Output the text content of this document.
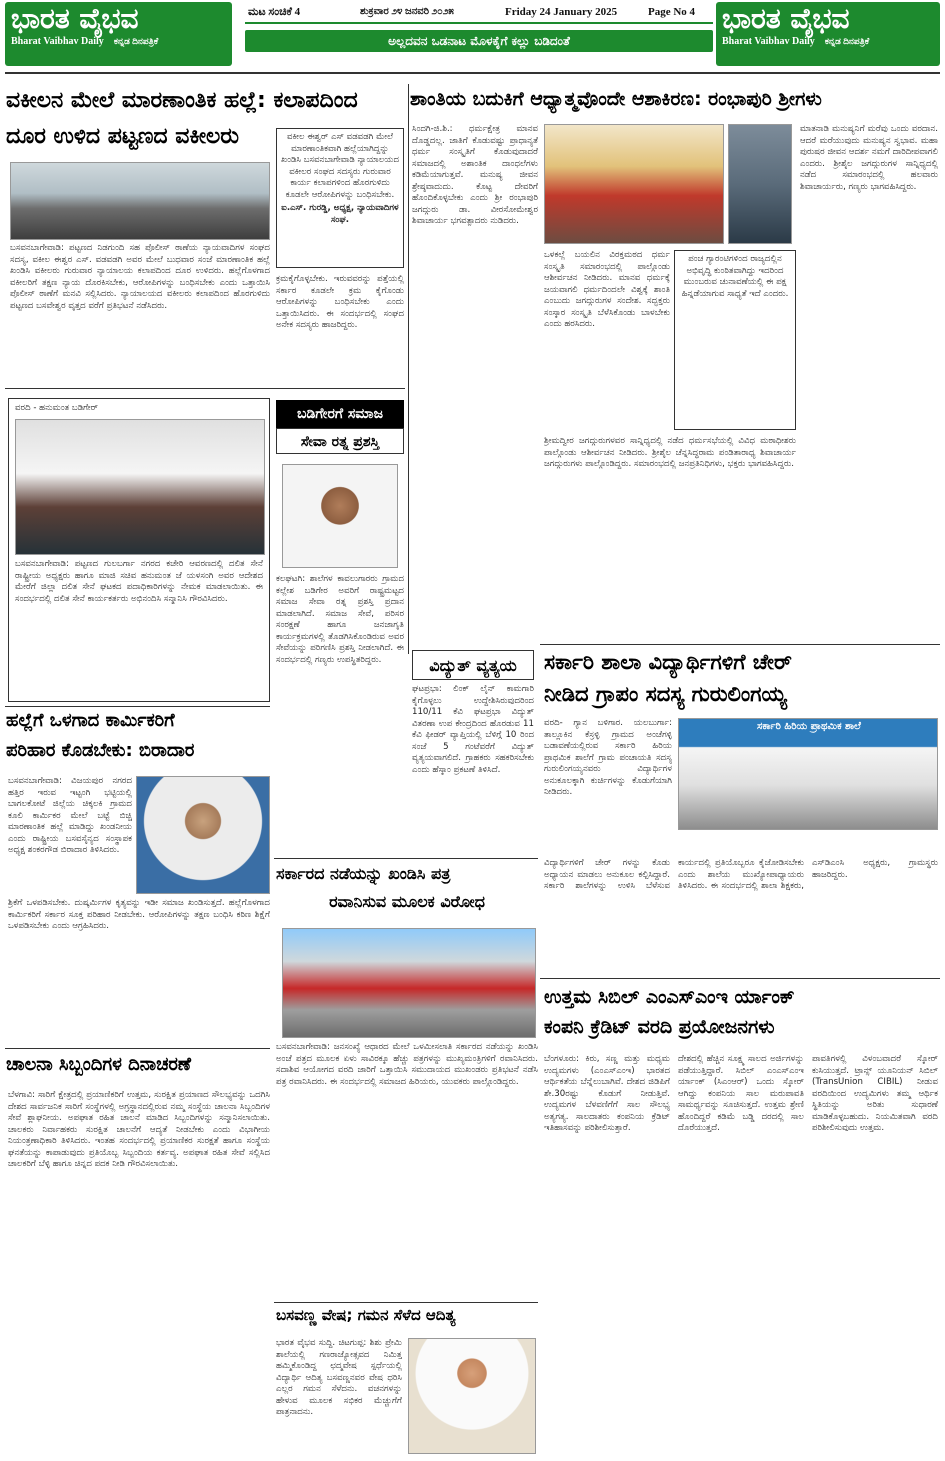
ಭಾರತ ವೈಭವ
Bharat Vaibhav Daily ಕನ್ನಡ ದಿನಪತ್ರಿಕೆ
ಮಟ ಸಂಚಿಕೆ 4	ಶುಕ್ರವಾರ ೨೪ ಜನವರಿ ೨೦೨೫	Friday 24 January 2025	Page No 4
ಅಲ್ಲದವನ ಒಡನಾಟ ಮೊಳಕೈಗೆ ಕಲ್ಲು ಬಡಿದಂತೆ
ಭಾರತ ವೈಭವ
Bharat Vaibhav Daily ಕನ್ನಡ ದಿನಪತ್ರಿಕೆ
ವಕೀಲನ ಮೇಲೆ ಮಾರಣಾಂತಿಕ ಹಲ್ಲೆ: ಕಲಾಪದಿಂದ
ದೂರ ಉಳಿದ ಪಟ್ಟಣದ ವಕೀಲರು	ವಕೀಲ ಈಶ್ವರ್ ಎಸ್ ವಡವಡಗಿ ಮೇಲೆ ಮಾರಣಾಂತಿಕವಾಗಿ ಹಲ್ಲೆಯಾಗಿದ್ದನ್ನು ಖಂಡಿಸಿ ಬಸವನಬಾಗೇವಾಡಿ ನ್ಯಾಯಾಲಯದ ವಕೀಲರ ಸಂಘದ ಸದಸ್ಯರು ಗುರುವಾರ ಕಾರ್ಯ ಕಲಾಪಗಳಿಂದ ಹೊರಗುಳಿದು ಕೂಡಲೇ ಆರೋಪಿಗಳನ್ನು ಬಂಧಿಸಬೇಕು.
ಐ.ಎಸ್. ಗುರಡ್ಡಿ, ಅಧ್ಯಕ್ಷ, ನ್ಯಾಯವಾದಿಗಳ ಸಂಘ.
ಬಸವನಬಾಗೇವಾಡಿ: ಪಟ್ಟಣದ ನಿಡಗುಂದಿ ಸಹ ಪೊಲೀಸ್ ಠಾಣೆಯ ನ್ಯಾಯವಾದಿಗಳ ಸಂಘದ ಸದಸ್ಯ, ವಕೀಲ ಈಶ್ವರ ಎಸ್. ವಡವಡಗಿ ಅವರ ಮೇಲೆ ಬುಧವಾರ ಸಂಜೆ ಮಾರಣಾಂತಿಕ ಹಲ್ಲೆ ಖಂಡಿಸಿ ವಕೀಲರು ಗುರುವಾರ ನ್ಯಾಯಾಲಯ ಕಲಾಪದಿಂದ ದೂರ ಉಳಿದರು. ಹಲ್ಲೆಗೊಳಗಾದ ವಕೀಲರಿಗೆ ತಕ್ಷಣ ನ್ಯಾಯ ದೊರಕಿಸಬೇಕು, ಆರೋಪಿಗಳನ್ನು ಬಂಧಿಸಬೇಕು ಎಂದು ಒತ್ತಾಯಿಸಿ ಪೊಲೀಸ್ ಠಾಣೆಗೆ ಮನವಿ ಸಲ್ಲಿಸಿದರು. ನ್ಯಾಯಾಲಯದ ವಕೀಲರು ಕಲಾಪದಿಂದ ಹೊರಗುಳಿದು ಪಟ್ಟಣದ ಬಸವೇಶ್ವರ ವೃತ್ತದ ವರೆಗೆ ಪ್ರತಿಭಟನೆ ನಡೆಸಿದರು.
ಕ್ರಮಕೈಗೊಳ್ಳಬೇಕು. ಇರುವವರನ್ನು ಪತ್ತೆಯಲ್ಲಿ ಸರ್ಕಾರ ಕೂಡಲೇ ಕ್ರಮ ಕೈಗೊಂಡು ಆರೋಪಿಗಳನ್ನು ಬಂಧಿಸಬೇಕು ಎಂದು ಒತ್ತಾಯಿಸಿದರು. ಈ ಸಂದರ್ಭದಲ್ಲಿ ಸಂಘದ ಅನೇಕ ಸದಸ್ಯರು ಹಾಜರಿದ್ದರು.
ವರದಿ - ಹನುಮಂತ ಬಡಿಗೇರ್
ಬಸವನಬಾಗೇವಾಡಿ: ಪಟ್ಟಣದ ಗುಲಬರ್ಗಾ ನಗರದ ಕಚೇರಿ ಆವರಣದಲ್ಲಿ ದಲಿತ ಸೇನೆ ರಾಷ್ಟ್ರೀಯ ಅಧ್ಯಕ್ಷರು ಹಾಗೂ ಮಾಜಿ ಸಚಿವ ಹನುಮಂತ ಜೆ ಯಳಸಂಗಿ ಅವರ ಆದೇಶದ ಮೇರೆಗೆ ಜಿಲ್ಲಾ ದಲಿತ ಸೇನೆ ಘಟಕದ ಪದಾಧಿಕಾರಿಗಳನ್ನು ನೇಮಕ ಮಾಡಲಾಯಿತು. ಈ ಸಂದರ್ಭದಲ್ಲಿ ದಲಿತ ಸೇನೆ ಕಾರ್ಯಕರ್ತರು ಅಭಿನಂದಿಸಿ ಸನ್ಮಾನಿಸಿ ಗೌರವಿಸಿದರು.
ಬಡಿಗೇರಗೆ ಸಮಾಜ
ಸೇವಾ ರತ್ನ ಪ್ರಶಸ್ತಿ
ಕಲಘಟಗಿ: ಶಾಲೆಗಳ ಕಾವಲುಗಾರರು ಗ್ರಾಮದ ಕಲ್ಲೇಶ ಬಡಿಗೇರ ಅವರಿಗೆ ರಾಷ್ಟ್ರಮಟ್ಟದ ಸಮಾಜ ಸೇವಾ ರತ್ನ ಪ್ರಶಸ್ತಿ ಪ್ರದಾನ ಮಾಡಲಾಗಿದೆ. ಸಮಾಜ ಸೇವೆ, ಪರಿಸರ ಸಂರಕ್ಷಣೆ ಹಾಗೂ ಜನಜಾಗೃತಿ ಕಾರ್ಯಕ್ರಮಗಳಲ್ಲಿ ತೊಡಗಿಸಿಕೊಂಡಿರುವ ಅವರ ಸೇವೆಯನ್ನು ಪರಿಗಣಿಸಿ ಪ್ರಶಸ್ತಿ ನೀಡಲಾಗಿದೆ. ಈ ಸಂದರ್ಭದಲ್ಲಿ ಗಣ್ಯರು ಉಪಸ್ಥಿತರಿದ್ದರು.
ಶಾಂತಿಯ ಬದುಕಿಗೆ ಆಧ್ಯಾತ್ಮವೊಂದೇ ಆಶಾಕಿರಣ: ರಂಭಾಪುರಿ ಶ್ರೀಗಳು
ಸಿಂದಗಿ-ಜಿ.ಶಿ.: ಧರ್ಮಕ್ಷೇತ್ರ ಮಾನವ ದೊಡ್ಡದಲ್ಲ. ಜಾತಿಗೆ ಕೊಡುವಷ್ಟು ಪ್ರಾಧಾನ್ಯತೆ ಧರ್ಮ ಸಂಸ್ಕೃತಿಗೆ ಕೊಡುವುದಾದರೆ ಸಮಾಜದಲ್ಲಿ ಅಶಾಂತಿಕ ದಾಂಧಲೆಗಳು ಕಡಿಮೆಯಾಗುತ್ತವೆ. ಮನುಷ್ಯ ಜೀವನ ಶ್ರೇಷ್ಠವಾದುದು. ಕೊಟ್ಟ ದೇವರಿಗೆ ಹೊಂದಿಕೊಳ್ಳಬೇಕು ಎಂದು ಶ್ರೀ ರಂಭಾಪುರಿ ಜಗದ್ಗುರು ಡಾ. ವೀರಸೋಮೇಶ್ವರ ಶಿವಾಚಾರ್ಯ ಭಗವತ್ಪಾದರು ನುಡಿದರು.
ಒಳಕಲ್ಲೆ ಬಯಲಿನ ವಿರಕ್ತಮಠದ ಧರ್ಮ ಸಂಸ್ಕೃತಿ ಸಮಾರಂಭದಲ್ಲಿ ಪಾಲ್ಗೊಂಡು ಆಶೀರ್ವಚನ ನೀಡಿದರು. ಮಾನವ ಧರ್ಮಕ್ಕೆ ಜಯವಾಗಲಿ ಧರ್ಮದಿಂದಲೇ ವಿಶ್ವಕ್ಕೆ ಶಾಂತಿ ಎಂಬುದು ಜಗದ್ಗುರುಗಳ ಸಂದೇಶ. ಸದ್ಭಕ್ತರು ಸಂಸ್ಕಾರ ಸಂಸ್ಕೃತಿ ಬೆಳೆಸಿಕೊಂಡು ಬಾಳಬೇಕು ಎಂದು ಹರಸಿದರು.
ಪಂಚ ಗ್ಯಾರಂಟಿಗಳಿಂದ ರಾಜ್ಯದಲ್ಲಿನ ಅಭಿವೃದ್ಧಿ ಕುಂಠಿತವಾಗಿದ್ದು ಇದರಿಂದ ಮುಂಬರುವ ಚುನಾವಣೆಯಲ್ಲಿ ಈ ಪಕ್ಷ ಹಿನ್ನಡೆಯಾಗುವ ಸಾಧ್ಯತೆ ಇದೆ ಎಂದರು.
ಮಾತನಾಡಿ ಮನುಷ್ಯನಿಗೆ ಮರೆವು ಒಂದು ವರದಾನ. ಆದರೆ ಮರೆಯುವುದು ಮನುಷ್ಯನ ಸ್ವಭಾವ. ಮಹಾ ಪುರುಷರ ಜೀವನ ಆದರ್ಶ ನಮಗೆ ದಾರಿದೀಪವಾಗಲಿ ಎಂದರು. ಶ್ರೀಶೈಲ ಜಗದ್ಗುರುಗಳ ಸಾನ್ನಿಧ್ಯದಲ್ಲಿ ನಡೆದ ಸಮಾರಂಭದಲ್ಲಿ ಹಲವಾರು ಶಿವಾಚಾರ್ಯರು, ಗಣ್ಯರು ಭಾಗವಹಿಸಿದ್ದರು.
ಶ್ರೀಮದ್ವೀರ ಜಗದ್ಗುರುಗಳವರ ಸಾನ್ನಿಧ್ಯದಲ್ಲಿ ನಡೆದ ಧರ್ಮಸಭೆಯಲ್ಲಿ ವಿವಿಧ ಮಠಾಧೀಶರು ಪಾಲ್ಗೊಂಡು ಆಶೀರ್ವಚನ ನೀಡಿದರು. ಶ್ರೀಶೈಲ ಚೆನ್ನಸಿದ್ಧರಾಮ ಪಂಡಿತಾರಾಧ್ಯ ಶಿವಾಚಾರ್ಯ ಜಗದ್ಗುರುಗಳು ಪಾಲ್ಗೊಂಡಿದ್ದರು. ಸಮಾರಂಭದಲ್ಲಿ ಜನಪ್ರತಿನಿಧಿಗಳು, ಭಕ್ತರು ಭಾಗವಹಿಸಿದ್ದರು.
ವಿದ್ಯುತ್ ವ್ಯತ್ಯಯ
ಘಟಪ್ರಭಾ: ಲಿಂಕ್ ಲೈನ್ ಕಾಮಗಾರಿ ಕೈಗೊಳ್ಳಲು ಉದ್ದೇಶಿಸಿರುವುದರಿಂದ 110/11 ಕೆವಿ ಘಟಪ್ರಭಾ ವಿದ್ಯುತ್ ವಿತರಣಾ ಉಪ ಕೇಂದ್ರದಿಂದ ಹೊರಡುವ 11 ಕೆವಿ ಫೀಡರ್ ವ್ಯಾಪ್ತಿಯಲ್ಲಿ ಬೆಳಿಗ್ಗೆ 10 ರಿಂದ ಸಂಜೆ 5 ಗಂಟೆವರೆಗೆ ವಿದ್ಯುತ್ ವ್ಯತ್ಯಯವಾಗಲಿದೆ. ಗ್ರಾಹಕರು ಸಹಕರಿಸಬೇಕು ಎಂದು ಹೆಸ್ಕಾಂ ಪ್ರಕಟಣೆ ತಿಳಿಸಿದೆ.
ಸರ್ಕಾರಿ ಶಾಲಾ ವಿದ್ಯಾರ್ಥಿಗಳಿಗೆ ಚೇರ್
ನೀಡಿದ ಗ್ರಾಪಂ ಸದಸ್ಯ ಗುರುಲಿಂಗಯ್ಯ
ವರದಿ- ಗ್ಯಾನ ಬಳಿಗಾರ. ಯಲಬುರ್ಗಾ: ತಾಲ್ಲೂಕಿನ ಕೆಸ್ರಳ್ಳಿ ಗ್ರಾಮದ ಅಂಚೆಗಳ್ಳಿ ಬಡಾವಣೆಯಲ್ಲಿರುವ ಸರ್ಕಾರಿ ಹಿರಿಯ ಪ್ರಾಥಮಿಕ ಶಾಲೆಗೆ ಗ್ರಾಮ ಪಂಚಾಯತಿ ಸದಸ್ಯ ಗುರುಲಿಂಗಯ್ಯನವರು ವಿದ್ಯಾರ್ಥಿಗಳ ಅನುಕೂಲಕ್ಕಾಗಿ ಕುರ್ಚಿಗಳನ್ನು ಕೊಡುಗೆಯಾಗಿ ನೀಡಿದರು.
ಸರ್ಕಾರಿ ಹಿರಿಯ ಪ್ರಾಥಮಿಕ ಶಾಲೆ
ವಿದ್ಯಾರ್ಥಿಗಳಿಗೆ ಚೇರ್ ಗಳನ್ನು ಕೊಡು ಅಧ್ಯಾಯನ ಮಾಡಲು ಅನುಕೂಲ ಕಲ್ಪಿಸಿದ್ದಾರೆ. ಸರ್ಕಾರಿ ಶಾಲೆಗಳನ್ನು ಉಳಿಸಿ ಬೆಳೆಸುವ ಕಾರ್ಯದಲ್ಲಿ ಪ್ರತಿಯೊಬ್ಬರೂ ಕೈಜೋಡಿಸಬೇಕು ಎಂದು ಶಾಲೆಯ ಮುಖ್ಯೋಪಾಧ್ಯಾಯರು ತಿಳಿಸಿದರು. ಈ ಸಂದರ್ಭದಲ್ಲಿ ಶಾಲಾ ಶಿಕ್ಷಕರು, ಎಸ್‌ಡಿಎಂಸಿ ಅಧ್ಯಕ್ಷರು, ಗ್ರಾಮಸ್ಥರು ಹಾಜರಿದ್ದರು.
ಹಲ್ಲೆಗೆ ಒಳಗಾದ ಕಾರ್ಮಿಕರಿಗೆ
ಪರಿಹಾರ ಕೊಡಬೇಕು: ಬಿರಾದಾರ
ಬಸವನಬಾಗೇವಾಡಿ: ವಿಜಯಪುರ ನಗರದ ಹತ್ತಿರ ಇರುವ ಇಟ್ಟಂಗಿ ಭಟ್ಟಿಯಲ್ಲಿ ಬಾಗಲಕೋಟೆ ಜಿಲ್ಲೆಯ ಚಿಕ್ಕಲಕಿ ಗ್ರಾಮದ ಕೂಲಿ ಕಾರ್ಮಿಕರ ಮೇಲೆ ಬಟ್ಟೆ ಬಿಚ್ಚಿ ಮಾರಣಾಂತಿಕ ಹಲ್ಲೆ ಮಾಡಿದ್ದು ಖಂಡನೀಯ ಎಂದು ರಾಷ್ಟ್ರೀಯ ಬಸವಸೈನ್ಯದ ಸಂಸ್ಥಾಪಕ ಅಧ್ಯಕ್ಷ ಶಂಕರಗೌಡ ಬಿರಾದಾರ ತಿಳಿಸಿದರು.
ಶ್ರಿಕೆಗೆ ಒಳಪಡಿಸಬೇಕು. ದುಷ್ಕರ್ಮಿಗಳ ಕೃತ್ಯವನ್ನು ಇಡೀ ಸಮಾಜ ಖಂಡಿಸುತ್ತದೆ. ಹಲ್ಲೆಗೊಳಗಾದ ಕಾರ್ಮಿಕರಿಗೆ ಸರ್ಕಾರ ಸೂಕ್ತ ಪರಿಹಾರ ನೀಡಬೇಕು. ಆರೋಪಿಗಳನ್ನು ತಕ್ಷಣ ಬಂಧಿಸಿ ಕಠಿಣ ಶಿಕ್ಷೆಗೆ ಒಳಪಡಿಸಬೇಕು ಎಂದು ಆಗ್ರಹಿಸಿದರು.
ಸರ್ಕಾರದ ನಡೆಯನ್ನು ಖಂಡಿಸಿ ಪತ್ರ
ರವಾನಿಸುವ ಮೂಲಕ ವಿರೋಧ
ಬಸವನಬಾಗೇವಾಡಿ: ಜನಸಂಖ್ಯೆ ಆಧಾರದ ಮೇಲೆ ಒಳಮೀಸಲಾತಿ ಸರ್ಕಾರದ ನಡೆಯನ್ನು ಖಂಡಿಸಿ ಅಂಚೆ ಪತ್ರದ ಮೂಲಕ ಏಳು ಸಾವಿರಕ್ಕೂ ಹೆಚ್ಚು ಪತ್ರಗಳನ್ನು ಮುಖ್ಯಮಂತ್ರಿಗಳಿಗೆ ರವಾನಿಸಿದರು. ಸದಾಶಿವ ಆಯೋಗದ ವರದಿ ಜಾರಿಗೆ ಒತ್ತಾಯಿಸಿ ಸಮುದಾಯದ ಮುಖಂಡರು ಪ್ರತಿಭಟನೆ ನಡೆಸಿ ಪತ್ರ ರವಾನಿಸಿದರು. ಈ ಸಂದರ್ಭದಲ್ಲಿ ಸಮಾಜದ ಹಿರಿಯರು, ಯುವಕರು ಪಾಲ್ಗೊಂಡಿದ್ದರು.
ಉತ್ತಮ ಸಿಬಿಲ್ ಎಂಎಸ್ಎಂಇ ರ್ಯಾಂಕ್
ಕಂಪನಿ ಕ್ರೆಡಿಟ್ ವರದಿ ಪ್ರಯೋಜನಗಳು
ಬೆಂಗಳೂರು: ಕಿರು, ಸಣ್ಣ ಮತ್ತು ಮಧ್ಯಮ ಉದ್ಯಮಗಳು (ಎಂಎಸ್ಎಂಇ) ಭಾರತದ ಆರ್ಥಿಕತೆಯ ಬೆನ್ನೆಲುಬಾಗಿವೆ. ದೇಶದ ಜಿಡಿಪಿಗೆ ಶೇ.30ರಷ್ಟು ಕೊಡುಗೆ ನೀಡುತ್ತಿವೆ. ಉದ್ಯಮಗಳ ಬೆಳವಣಿಗೆಗೆ ಸಾಲ ಸೌಲಭ್ಯ ಅತ್ಯಗತ್ಯ. ಸಾಲದಾತರು ಕಂಪನಿಯ ಕ್ರೆಡಿಟ್ ಇತಿಹಾಸವನ್ನು ಪರಿಶೀಲಿಸುತ್ತಾರೆ.
ದೇಶದಲ್ಲಿ ಹೆಚ್ಚಿನ ಸೂಕ್ಷ್ಮ ಸಾಲದ ಅರ್ಜಿಗಳನ್ನು ಪಡೆಯುತ್ತಿದ್ದಾರೆ. ಸಿಬಿಲ್ ಎಂಎಸ್ಎಂಇ ರ್ಯಾಂಕ್ (ಸಿಎಂಆರ್) ಒಂದು ಸ್ಕೋರ್ ಆಗಿದ್ದು ಕಂಪನಿಯ ಸಾಲ ಮರುಪಾವತಿ ಸಾಮರ್ಥ್ಯವನ್ನು ಸೂಚಿಸುತ್ತದೆ. ಉತ್ತಮ ಶ್ರೇಣಿ ಹೊಂದಿದ್ದರೆ ಕಡಿಮೆ ಬಡ್ಡಿ ದರದಲ್ಲಿ ಸಾಲ ದೊರೆಯುತ್ತದೆ.
ಪಾವತಿಗಳಲ್ಲಿ ವಿಳಂಬವಾದರೆ ಸ್ಕೋರ್ ಕುಸಿಯುತ್ತದೆ. ಟ್ರಾನ್ಸ್ ಯೂನಿಯನ್ ಸಿಬಿಲ್ (TransUnion CIBIL) ನೀಡುವ ವರದಿಯಿಂದ ಉದ್ಯಮಿಗಳು ತಮ್ಮ ಆರ್ಥಿಕ ಸ್ಥಿತಿಯನ್ನು ಅರಿತು ಸುಧಾರಣೆ ಮಾಡಿಕೊಳ್ಳಬಹುದು. ನಿಯಮಿತವಾಗಿ ವರದಿ ಪರಿಶೀಲಿಸುವುದು ಉತ್ತಮ.
ಚಾಲನಾ ಸಿಬ್ಬಂದಿಗಳ ದಿನಾಚರಣೆ
ಬೆಳಗಾವಿ: ಸಾರಿಗೆ ಕ್ಷೇತ್ರದಲ್ಲಿ ಪ್ರಯಾಣಿಕರಿಗೆ ಉತ್ತಮ, ಸುರಕ್ಷಿತ ಪ್ರಯಾಣದ ಸೌಲಭ್ಯವನ್ನು ಒದಗಿಸಿ ದೇಶದ ಸಾರ್ವಜನಿಕ ಸಾರಿಗೆ ಸಂಸ್ಥೆಗಳಲ್ಲಿ ಅಗ್ರಸ್ಥಾನದಲ್ಲಿರುವ ನಮ್ಮ ಸಂಸ್ಥೆಯ ಚಾಲನಾ ಸಿಬ್ಬಂದಿಗಳ ಸೇವೆ ಶ್ಲಾಘನೀಯ. ಅಪಘಾತ ರಹಿತ ಚಾಲನೆ ಮಾಡಿದ ಸಿಬ್ಬಂದಿಗಳನ್ನು ಸನ್ಮಾನಿಸಲಾಯಿತು. ಚಾಲಕರು ನಿರ್ವಾಹಕರು ಸುರಕ್ಷಿತ ಚಾಲನೆಗೆ ಆದ್ಯತೆ ನೀಡಬೇಕು ಎಂದು ವಿಭಾಗೀಯ ನಿಯಂತ್ರಣಾಧಿಕಾರಿ ತಿಳಿಸಿದರು. ಇಂತಹ ಸಂದರ್ಭದಲ್ಲಿ ಪ್ರಯಾಣಿಕರ ಸುರಕ್ಷತೆ ಹಾಗೂ ಸಂಸ್ಥೆಯ ಘನತೆಯನ್ನು ಕಾಪಾಡುವುದು ಪ್ರತಿಯೊಬ್ಬ ಸಿಬ್ಬಂದಿಯ ಕರ್ತವ್ಯ. ಅಪಘಾತ ರಹಿತ ಸೇವೆ ಸಲ್ಲಿಸಿದ ಚಾಲಕರಿಗೆ ಬೆಳ್ಳಿ ಹಾಗೂ ಚಿನ್ನದ ಪದಕ ನೀಡಿ ಗೌರವಿಸಲಾಯಿತು.
ಬಸವಣ್ಣ ವೇಷ; ಗಮನ ಸೆಳೆದ ಆದಿತ್ಯ
ಭಾರತ ವೈಭವ ಸುದ್ದಿ. ಚಿಟಗುಪ್ಪ: ಶಿಶು ಪ್ರೇಮಿ ಶಾಲೆಯಲ್ಲಿ ಗಣರಾಜ್ಯೋತ್ಸವದ ನಿಮಿತ್ತ ಹಮ್ಮಿಕೊಂಡಿದ್ದ ಛದ್ಮವೇಷ ಸ್ಪರ್ಧೆಯಲ್ಲಿ ವಿದ್ಯಾರ್ಥಿ ಆದಿತ್ಯ ಬಸವಣ್ಣನವರ ವೇಷ ಧರಿಸಿ ಎಲ್ಲರ ಗಮನ ಸೆಳೆದನು. ವಚನಗಳನ್ನು ಹೇಳುವ ಮೂಲಕ ಸಭಿಕರ ಮೆಚ್ಚುಗೆಗೆ ಪಾತ್ರನಾದನು.
